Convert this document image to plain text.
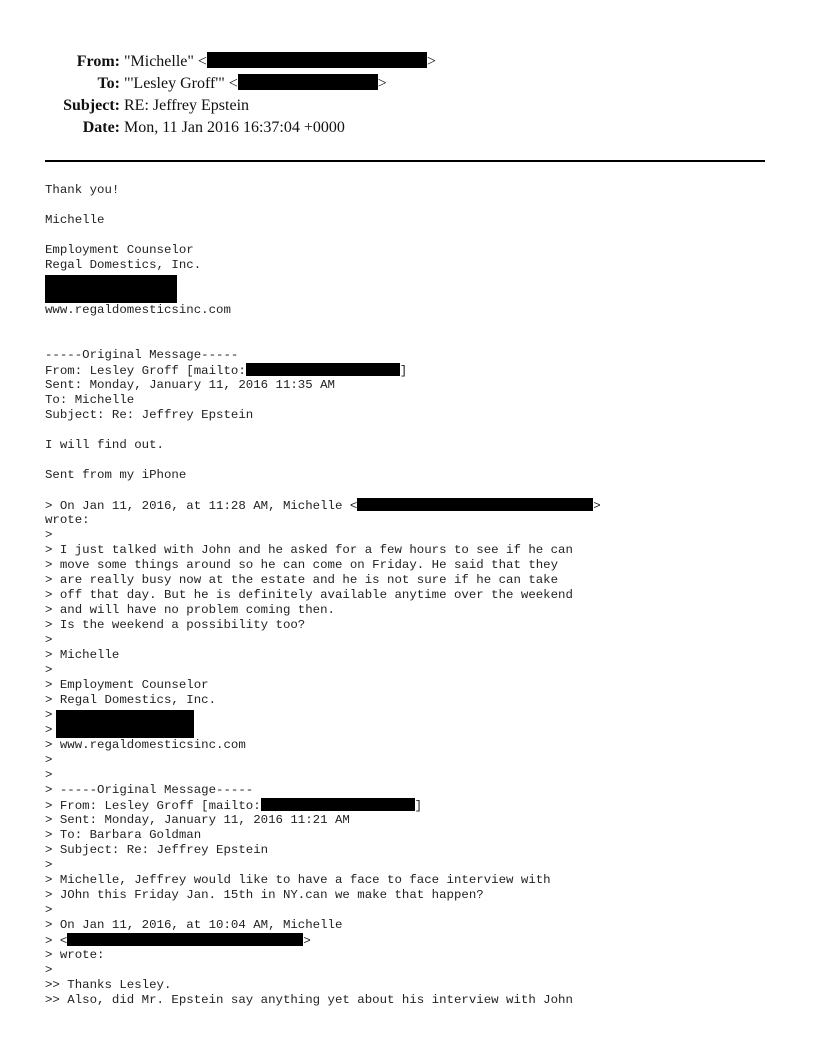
From: "Michelle" <	>
To: "'Lesley Groff'" <	>
Subject: RE: Jeffrey Epstein
Date: Mon, 11 Jan 2016 16:37:04 +0000
Thank you!
Michelle
Employment Counselor
Regal Domestics, Inc.
www.regaldomesticsinc.com
-----Original Message-----
From: Lesley Groff [mailto:	]
Sent: Monday, January 11, 2016 11:35 AM
To: Michelle
Subject: Re: Jeffrey Epstein
I will find out.
Sent from my iPhone
> On Jan 11, 2016, at 11:28 AM, Michelle <	>
wrote:
>
> I just talked with John and he asked for a few hours to see if he can
> move some things around so he can come on Friday. He said that they
> are really busy now at the estate and he is not sure if he can take
> off that day. But he is definitely available anytime over the weekend
> and will have no problem coming then.
> Is the weekend a possibility too?
>
> Michelle
>
> Employment Counselor
> Regal Domestics, Inc.
>
>
> www.regaldomesticsinc.com
>
>
> -----Original Message-----
> From: Lesley Groff [mailto:	]
> Sent: Monday, January 11, 2016 11:21 AM
> To: Barbara Goldman
> Subject: Re: Jeffrey Epstein
>
> Michelle, Jeffrey would like to have a face to face interview with
> JOhn this Friday Jan. 15th in NY.can we make that happen?
>
> On Jan 11, 2016, at 10:04 AM, Michelle
> <	>
> wrote:
>
>> Thanks Lesley.
>> Also, did Mr. Epstein say anything yet about his interview with John
